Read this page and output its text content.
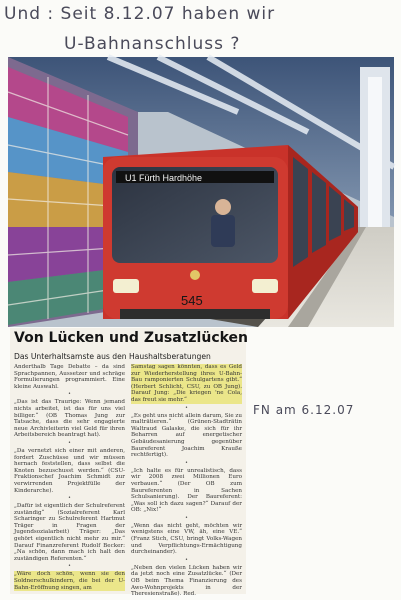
Und : Seit 8.12.07 haben wir
U-Bahnanschluss ?
U1 Fürth Hardhöhe
545
FN am 6.12.07
Von Lücken und Zusatzlücken
Das Unterhaltsamste aus den Haushaltsberatungen

Anderthalb Tage Debatte – da sind Sprachpannen, Aussetzer und schräge Formulierungen programmiert. Eine kleine Auswahl.

•

„Das ist das Traurige: Wenn jemand nichts arbeitet, ist das für uns viel billiger.“ (OB Thomas Jung zur Tatsache, dass die sehr engagierte neue Archivleiterin viel Geld für ihren Arbeitsbereich beantragt hat).

•

„Da vernetzt sich einer mit anderen, fordert Zuschüsse und wir müssen hernach feststellen, dass selbst die Knoten bezuschusst werden.“ (CSU-Fraktionschef Joachim Schmidt zur verwirrenden Projektfülle der Kinderarche).

•

„Dafür ist eigentlich der Schulreferent zuständig“ (Sozialreferent Karl Scharinger zu Schulreferent Hartmut Träger in Fragen der Jugendsozialarbeit) Träger: „Das gehört eigentlich nicht mehr zu mir.“ Darauf Finanzreferent Rudolf Becker: „Na schön, dann mach ich halt den zuständigen Referenten.“

•

„Wäre doch schön, wenn sie den Soldnerschulkindern, die bei der U-Bahn-Eröffnung singen, am

Samstag sagen könnten, dass es Geld zur Wiederherstellung ihres U-Bahn-Bau ramponierten Schulgartens gibt.“ (Herbert Schlicht, CSU, zu OB Jung). Darauf Jung: „Die kriegen 'ne Cola, das freut sie mehr.“

•

„Es geht uns nicht allein darum, Sie zu malträtieren.“ (Grünen-Stadträtin Waltraud Galaske, die sich für ihr Beharren auf energetischer Gebäudesanierung gegenüber Baureferent Joachim Krauße rechtfertigt).

•

„Ich halte es für unrealistisch, dass wir 2008 zwei Millionen Euro verbauen.“ (Der OB zum Baureferenten in Sachen Schulsanierung). Der Baureferent: „Was soll ich dazu sagen?“ Darauf der OB: „Nix!“

•

„Wenn das nicht geht, möchten wir wenigstens eine VW, äh, eine VE.“ (Franz Stich, CSU, bringt Volks-Wagen und Verpflichtungs-Ermächtigung durcheinander).

•

„Neben den vielen Lücken haben wir da jetzt noch eine Zusatzlücke.“ (Der OB beim Thema Finanzierung des Awo-Wohnprojekts in der Theresienstraße). Red.
